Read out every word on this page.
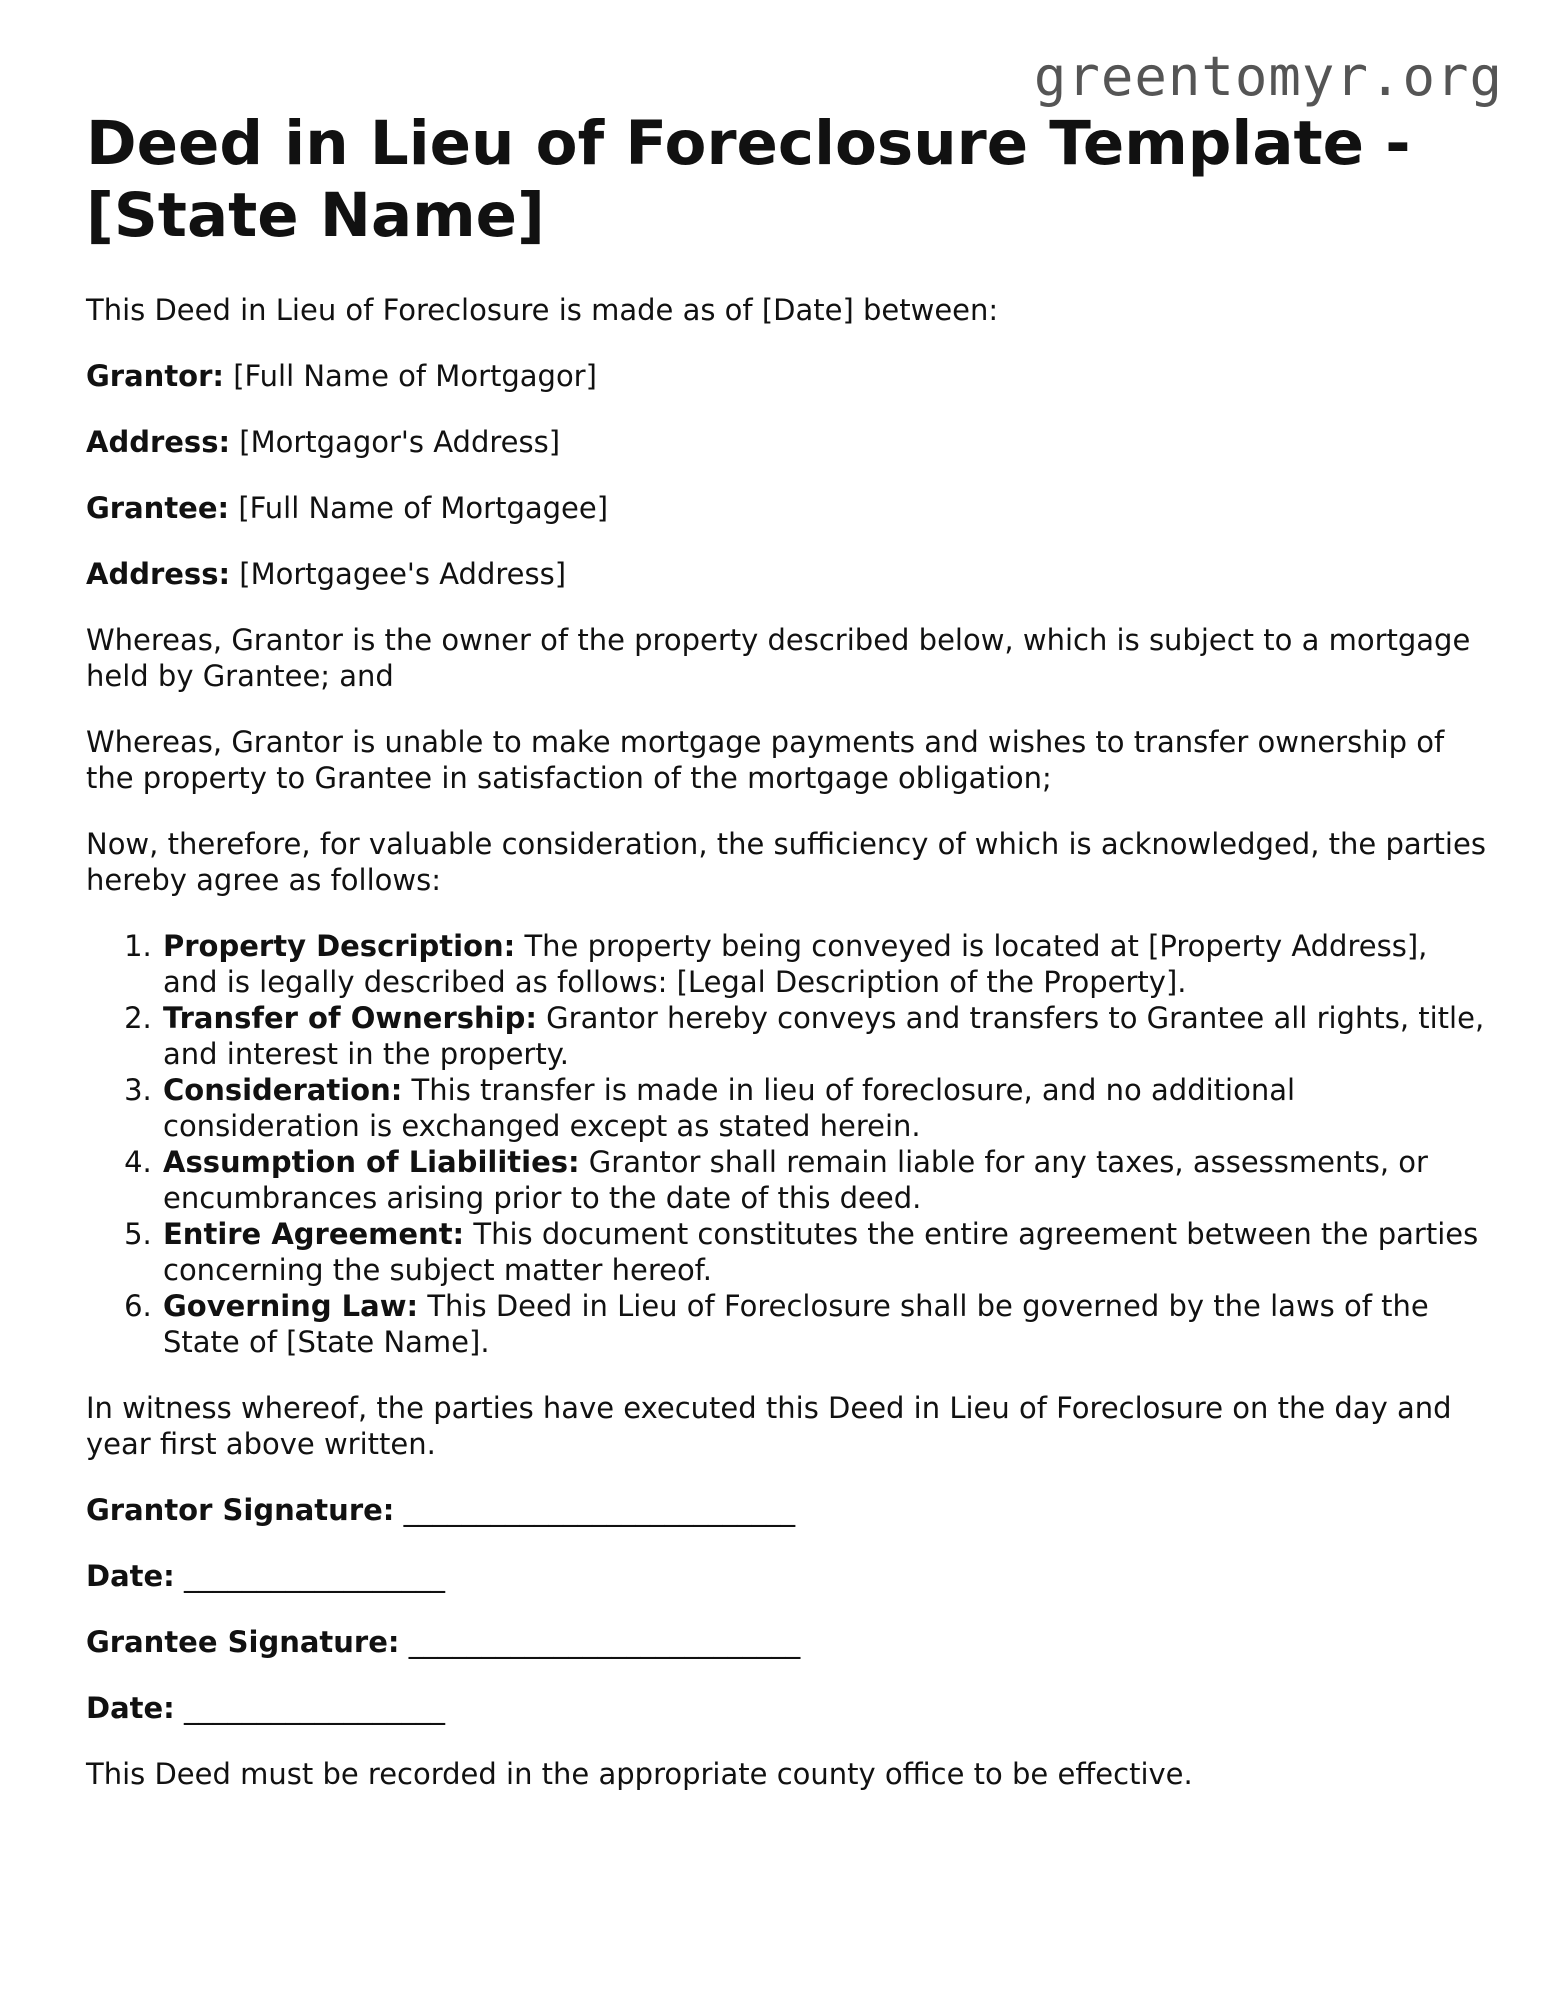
greentomyr.org
Deed in Lieu of Foreclosure Template - [State Name]

This Deed in Lieu of Foreclosure is made as of [Date] between:

Grantor: [Full Name of Mortgagor]

Address: [Mortgagor's Address]

Grantee: [Full Name of Mortgagee]

Address: [Mortgagee's Address]

Whereas, Grantor is the owner of the property described below, which is subject to a mortgage held by Grantee; and

Whereas, Grantor is unable to make mortgage payments and wishes to transfer ownership of the property to Grantee in satisfaction of the mortgage obligation;

Now, therefore, for valuable consideration, the sufficiency of which is acknowledged, the parties hereby agree as follows:

1. Property Description: The property being conveyed is located at [Property Address], and is legally described as follows: [Legal Description of the Property].
2. Transfer of Ownership: Grantor hereby conveys and transfers to Grantee all rights, title, and interest in the property.
3. Consideration: This transfer is made in lieu of foreclosure, and no additional consideration is exchanged except as stated herein.
4. Assumption of Liabilities: Grantor shall remain liable for any taxes, assessments, or encumbrances arising prior to the date of this deed.
5. Entire Agreement: This document constitutes the entire agreement between the parties concerning the subject matter hereof.
6. Governing Law: This Deed in Lieu of Foreclosure shall be governed by the laws of the State of [State Name].

In witness whereof, the parties have executed this Deed in Lieu of Foreclosure on the day and year first above written.

Grantor Signature: ___________________________

Date: __________________

Grantee Signature: ___________________________

Date: __________________

This Deed must be recorded in the appropriate county office to be effective.
